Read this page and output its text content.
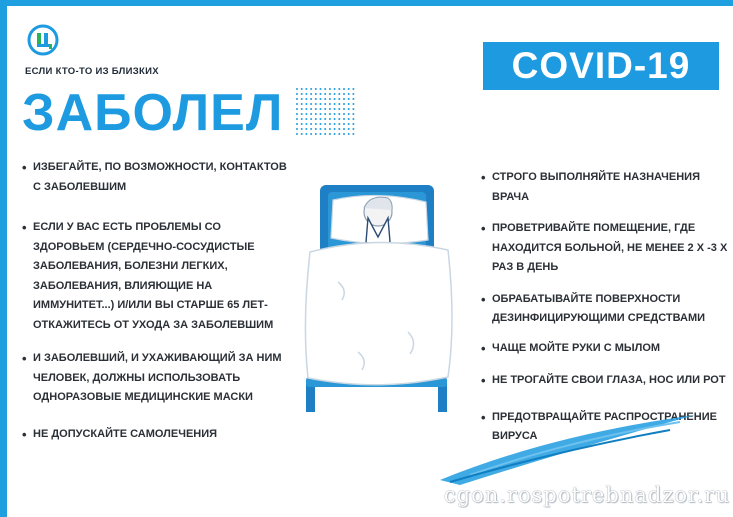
ЕСЛИ КТО-ТО ИЗ БЛИЗКИХ
ЗАБОЛЕЛ
COVID-19
• ИЗБЕГАЙТЕ, ПО ВОЗМОЖНОСТИ, КОНТАКТОВ С ЗАБОЛЕВШИМ
• ЕСЛИ У ВАС ЕСТЬ ПРОБЛЕМЫ СО ЗДОРОВЬЕМ (СЕРДЕЧНО-СОСУДИСТЫЕ ЗАБОЛЕВАНИЯ, БОЛЕЗНИ ЛЕГКИХ, ЗАБОЛЕВАНИЯ, ВЛИЯЮЩИЕ НА ИММУНИТЕТ...) И/ИЛИ ВЫ СТАРШЕ 65 ЛЕТ-ОТКАЖИТЕСЬ ОТ УХОДА ЗА ЗАБОЛЕВШИМ
• И ЗАБОЛЕВШИЙ, И УХАЖИВАЮЩИЙ ЗА НИМ ЧЕЛОВЕК, ДОЛЖНЫ ИСПОЛЬЗОВАТЬ ОДНОРАЗОВЫЕ МЕДИЦИНСКИЕ МАСКИ
• НЕ ДОПУСКАЙТЕ САМОЛЕЧЕНИЯ
• СТРОГО ВЫПОЛНЯЙТЕ НАЗНАЧЕНИЯ ВРАЧА
• ПРОВЕТРИВАЙТЕ ПОМЕЩЕНИЕ, ГДЕ НАХОДИТСЯ БОЛЬНОЙ, НЕ МЕНЕЕ 2 Х -3 Х РАЗ В ДЕНЬ
• ОБРАБАТЫВАЙТЕ ПОВЕРХНОСТИ ДЕЗИНФИЦИРУЮЩИМИ СРЕДСТВАМИ
• ЧАЩЕ МОЙТЕ РУКИ С МЫЛОМ
• НЕ ТРОГАЙТЕ СВОИ ГЛАЗА, НОС ИЛИ РОТ
• ПРЕДОТВРАЩАЙТЕ РАСПРОСТРАНЕНИЕ ВИРУСА
cgon.rospotrebnadzor.ru
